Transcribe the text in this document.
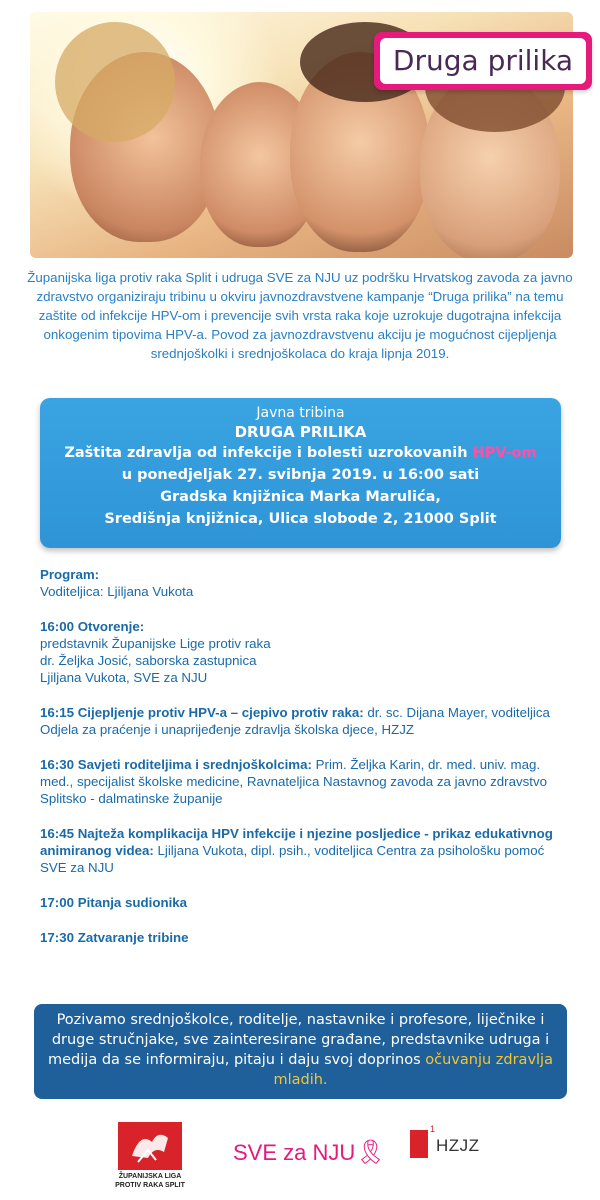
Druga prilika
Županijska liga protiv raka Split i udruga SVE za NJU uz podršku Hrvatskog zavoda za javno zdravstvo organiziraju tribinu u okviru javnozdravstvene kampanje “Druga prilika” na temu zaštite od infekcije HPV-om i prevencije svih vrsta raka koje uzrokuje dugotrajna infekcija onkogenim tipovima HPV-a. Povod za javnozdravstvenu akciju je mogućnost cijepljenja srednjoškolki i srednjoškolaca do kraja lipnja 2019.
Javna tribina
DRUGA PRILIKA
Zaštita zdravlja od infekcije i bolesti uzrokovanih HPV-om
u ponedjeljak 27. svibnja 2019. u 16:00 sati
Gradska knjižnica Marka Marulića,
Središnja knjižnica, Ulica slobode 2, 21000 Split
Program:
Voditeljica: Ljiljana Vukota
16:00 Otvorenje:
predstavnik Županijske Lige protiv raka
dr. Željka Josić, saborska zastupnica
Ljiljana Vukota, SVE za NJU
16:15 Cijepljenje protiv HPV-a – cjepivo protiv raka: dr. sc. Dijana Mayer, voditeljica Odjela za praćenje i unaprijeđenje zdravlja školska djece, HZJZ
16:30 Savjeti roditeljima i srednjoškolcima: Prim. Željka Karin, dr. med. univ. mag. med., specijalist školske medicine, Ravnateljica Nastavnog zavoda za javno zdravstvo Splitsko - dalmatinske županije
16:45 Najteža komplikacija HPV infekcije i njezine posljedice - prikaz edukativnog animiranog videa: Ljiljana Vukota, dipl. psih., voditeljica Centra za psihološku pomoć SVE za NJU
17:00 Pitanja sudionika
17:30 Zatvaranje tribine
Pozivamo srednjoškolce, roditelje, nastavnike i profesore, liječnike i druge stručnjake, sve zainteresirane građane, predstavnike udruga i medija da se informiraju, pitaju i daju svoj doprinos očuvanju zdravlja mladih.
ŽUPANIJSKA LIGA PROTIV RAKA SPLIT
SVE za NJU🎗
1
HZJZ
